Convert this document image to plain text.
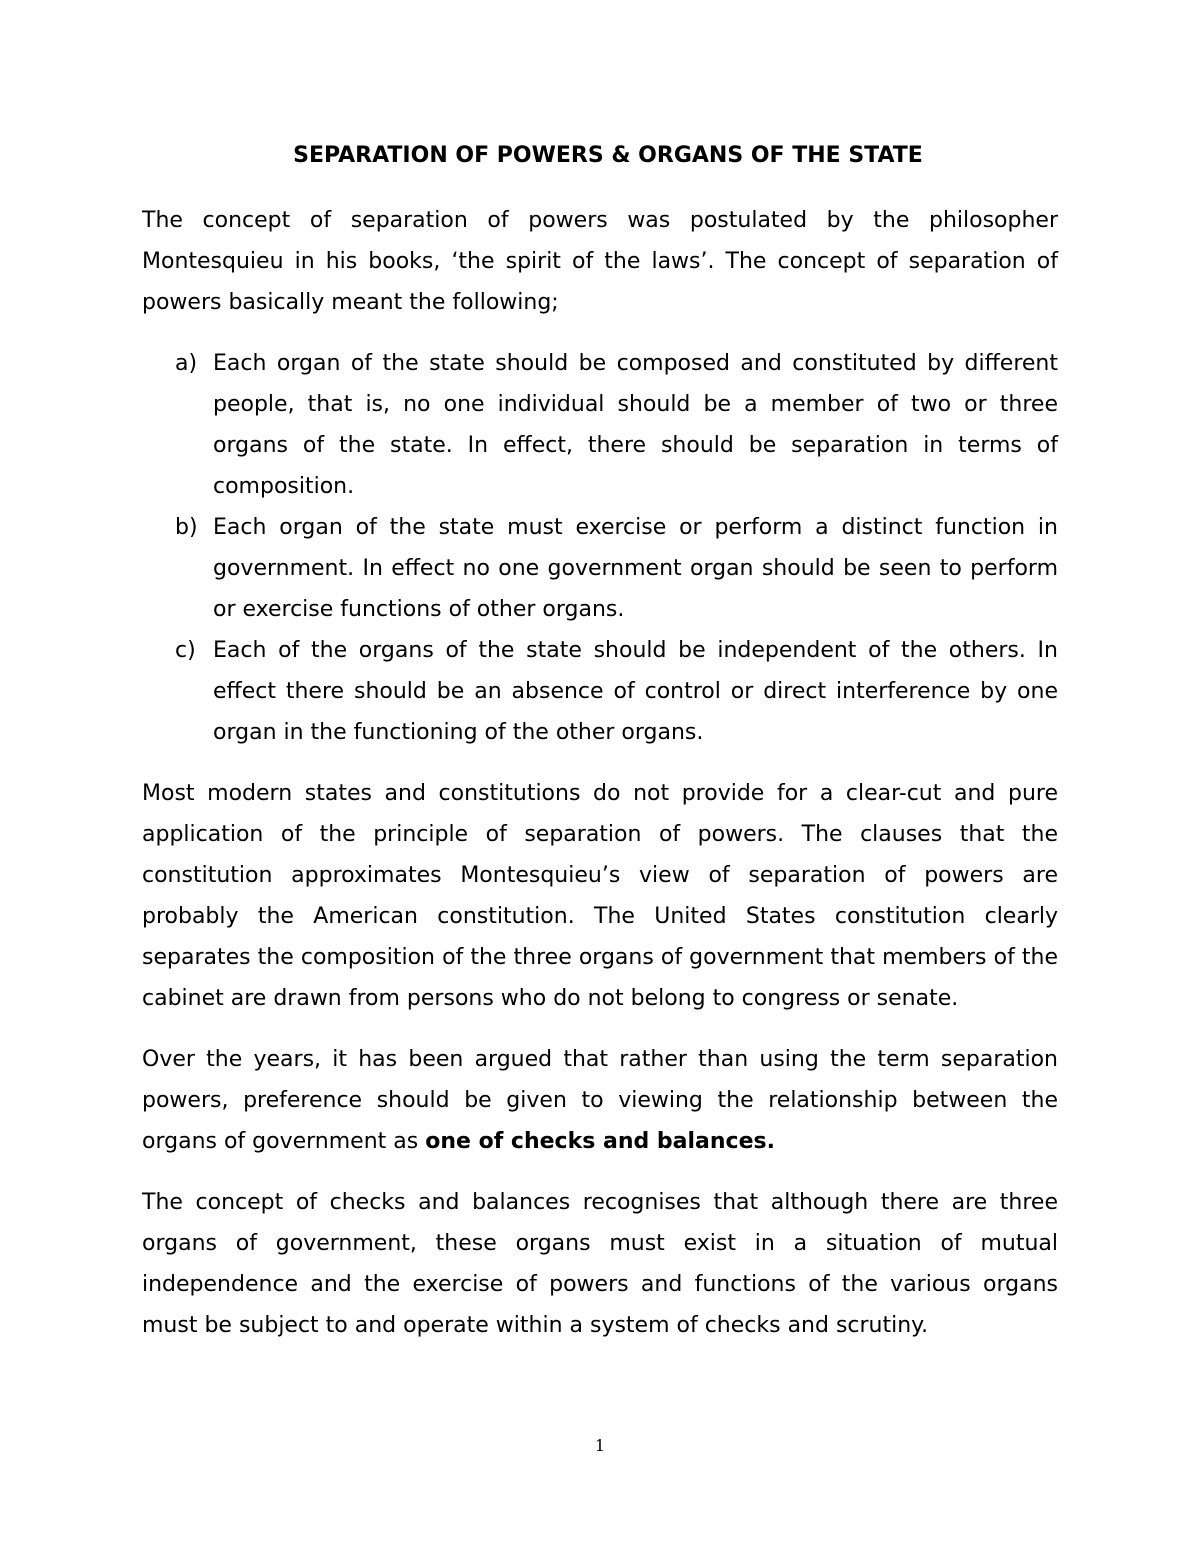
SEPARATION OF POWERS & ORGANS OF THE STATE

The concept of separation of powers was postulated by the philosopher Montesquieu in his books, ‘the spirit of the laws’. The concept of separation of powers basically meant the following;

a) Each organ of the state should be composed and constituted by different people, that is, no one individual should be a member of two or three organs of the state. In effect, there should be separation in terms of composition.
b) Each organ of the state must exercise or perform a distinct function in government. In effect no one government organ should be seen to perform or exercise functions of other organs.
c) Each of the organs of the state should be independent of the others. In effect there should be an absence of control or direct interference by one organ in the functioning of the other organs.

Most modern states and constitutions do not provide for a clear-cut and pure application of the principle of separation of powers. The clauses that the constitution approximates Montesquieu’s view of separation of powers are probably the American constitution. The United States constitution clearly separates the composition of the three organs of government that members of the cabinet are drawn from persons who do not belong to congress or senate.

Over the years, it has been argued that rather than using the term separation powers, preference should be given to viewing the relationship between the organs of government as one of checks and balances.

The concept of checks and balances recognises that although there are three organs of government, these organs must exist in a situation of mutual independence and the exercise of powers and functions of the various organs must be subject to and operate within a system of checks and scrutiny.

1
